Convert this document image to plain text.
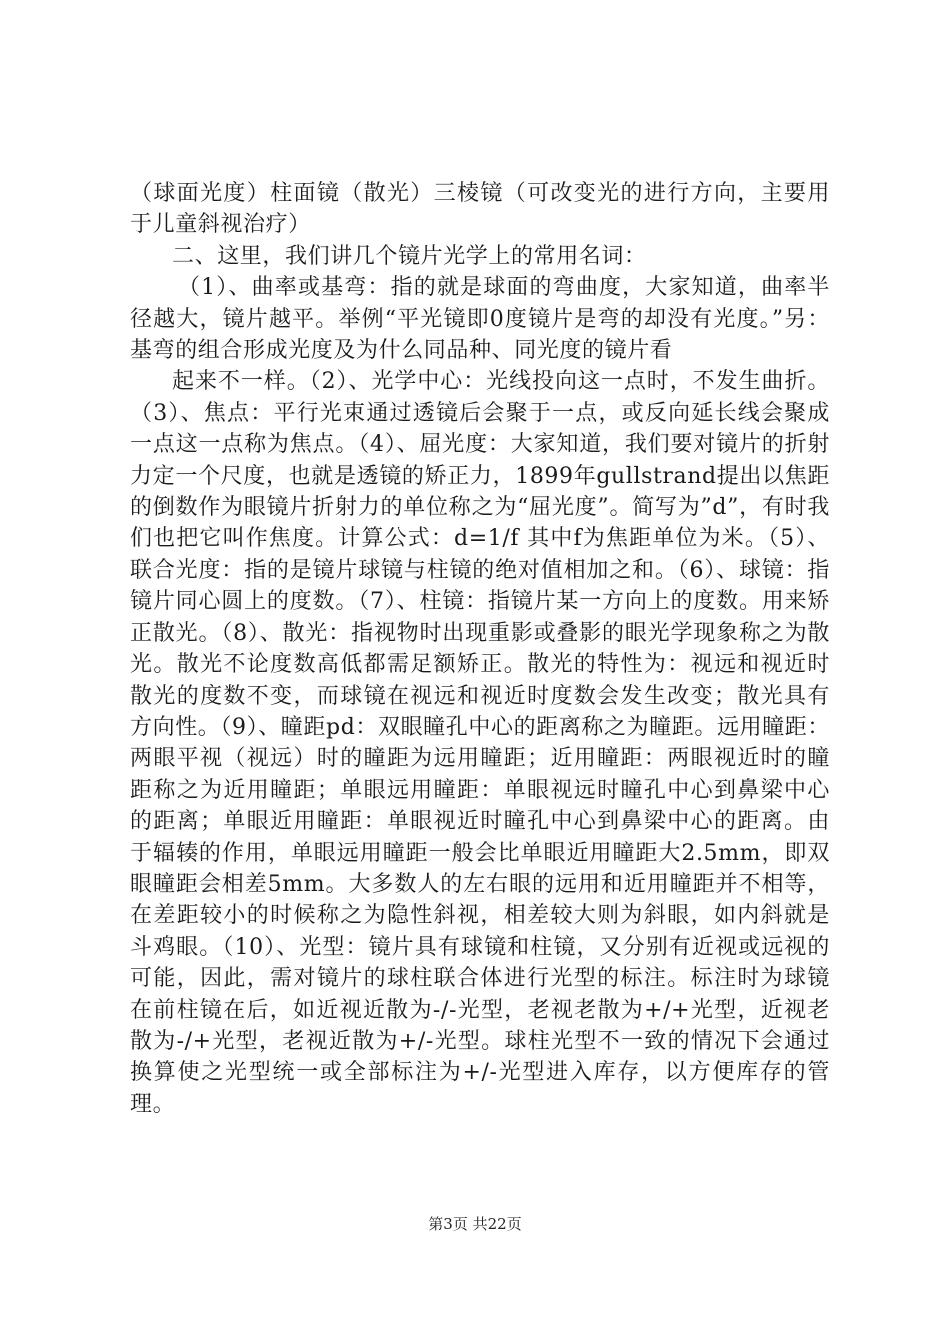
（球面光度）柱面镜（散光）三棱镜（可改变光的进行方向，主要用于儿童斜视治疗）

二、这里，我们讲几个镜片光学上的常用名词：

（1）、曲率或基弯：指的就是球面的弯曲度，大家知道，曲率半径越大，镜片越平。举例“平光镜即0度镜片是弯的却没有光度。”另：基弯的组合形成光度及为什么同品种、同光度的镜片看

起来不一样。（2）、光学中心：光线投向这一点时，不发生曲折。（3）、焦点：平行光束通过透镜后会聚于一点，或反向延长线会聚成一点这一点称为焦点。（4）、屈光度：大家知道，我们要对镜片的折射力定一个尺度，也就是透镜的矫正力，1899年gullstrand提出以焦距的倒数作为眼镜片折射力的单位称之为“屈光度”。简写为”d”，有时我们也把它叫作焦度。计算公式：d=1/f 其中f为焦距单位为米。（5）、联合光度：指的是镜片球镜与柱镜的绝对值相加之和。（6）、球镜：指镜片同心圆上的度数。（7）、柱镜：指镜片某一方向上的度数。用来矫正散光。（8）、散光：指视物时出现重影或叠影的眼光学现象称之为散光。散光不论度数高低都需足额矫正。散光的特性为：视远和视近时散光的度数不变，而球镜在视远和视近时度数会发生改变；散光具有方向性。（9）、瞳距pd：双眼瞳孔中心的距离称之为瞳距。远用瞳距：两眼平视（视远）时的瞳距为远用瞳距；近用瞳距：两眼视近时的瞳距称之为近用瞳距；单眼远用瞳距：单眼视远时瞳孔中心到鼻梁中心的距离；单眼近用瞳距：单眼视近时瞳孔中心到鼻梁中心的距离。由于辐辏的作用，单眼远用瞳距一般会比单眼近用瞳距大2.5mm，即双眼瞳距会相差5mm。大多数人的左右眼的远用和近用瞳距并不相等，在差距较小的时候称之为隐性斜视，相差较大则为斜眼，如内斜就是斗鸡眼。（10）、光型：镜片具有球镜和柱镜，又分别有近视或远视的可能，因此，需对镜片的球柱联合体进行光型的标注。标注时为球镜在前柱镜在后，如近视近散为-/-光型，老视老散为+/+光型，近视老散为-/+光型，老视近散为+/-光型。球柱光型不一致的情况下会通过换算使之光型统一或全部标注为+/-光型进入库存，以方便库存的管理。

第3页 共22页
